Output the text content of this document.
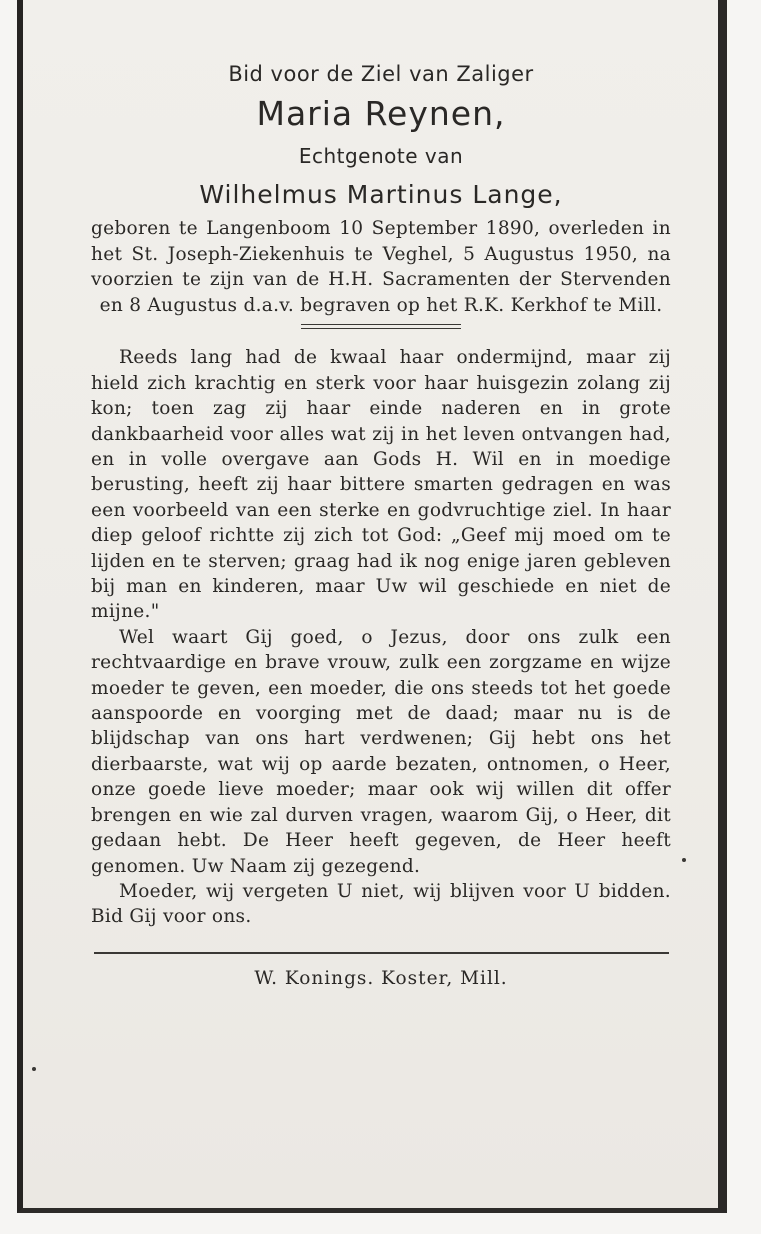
Bid voor de Ziel van Zaliger
Maria Reynen,
Echtgenote van
Wilhelmus Martinus Lange,
geboren te Langenboom 10 September 1890, overleden in het St. Joseph-Ziekenhuis te Veghel, 5 Augustus 1950, na voorzien te zijn van de H.H. Sacramenten der Stervenden en 8 Augustus d.a.v. begraven op het R.K. Kerkhof te Mill.

Reeds lang had de kwaal haar ondermijnd, maar zij hield zich krachtig en sterk voor haar huisgezin zolang zij kon; toen zag zij haar einde naderen en in grote dankbaarheid voor alles wat zij in het leven ontvangen had, en in volle overgave aan Gods H. Wil en in moedige berusting, heeft zij haar bittere smarten gedragen en was een voorbeeld van een sterke en godvruchtige ziel. In haar diep geloof richtte zij zich tot God: „Geef mij moed om te lijden en te sterven; graag had ik nog enige jaren gebleven bij man en kinderen, maar Uw wil geschiede en niet de mijne."

Wel waart Gij goed, o Jezus, door ons zulk een rechtvaardige en brave vrouw, zulk een zorgzame en wijze moeder te geven, een moeder, die ons steeds tot het goede aanspoorde en voorging met de daad; maar nu is de blijdschap van ons hart verdwenen; Gij hebt ons het dierbaarste, wat wij op aarde bezaten, ontnomen, o Heer, onze goede lieve moeder; maar ook wij willen dit offer brengen en wie zal durven vragen, waarom Gij, o Heer, dit gedaan hebt. De Heer heeft gegeven, de Heer heeft genomen. Uw Naam zij gezegend.

Moeder, wij vergeten U niet, wij blijven voor U bidden. Bid Gij voor ons.

W. Konings. Koster, Mill.
